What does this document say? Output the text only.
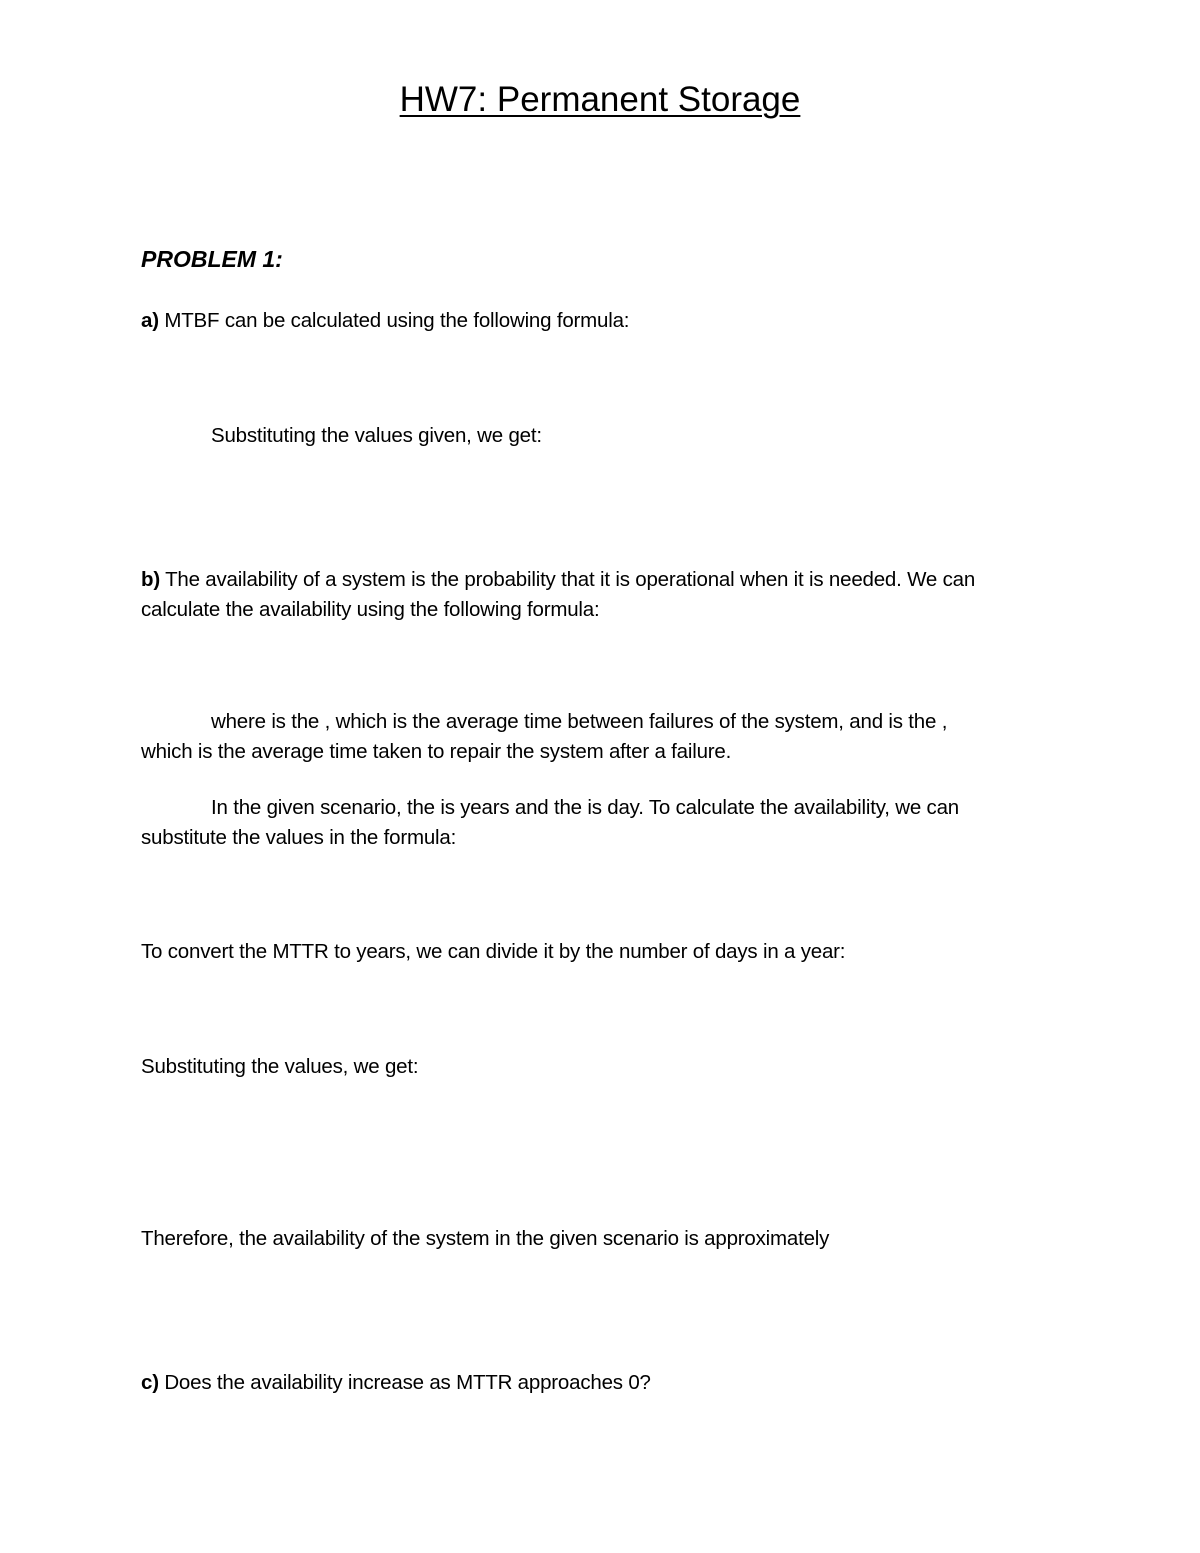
HW7: Permanent Storage
PROBLEM 1:
a) MTBF can be calculated using the following formula:
Substituting the values given, we get:
b) The availability of a system is the probability that it is operational when it is needed. We can
calculate the availability using the following formula:
where is the , which is the average time between failures of the system, and is the ,
which is the average time taken to repair the system after a failure.
In the given scenario, the is years and the is day. To calculate the availability, we can
substitute the values in the formula:
To convert the MTTR to years, we can divide it by the number of days in a year:
Substituting the values, we get:
Therefore, the availability of the system in the given scenario is approximately
c) Does the availability increase as MTTR approaches 0?
